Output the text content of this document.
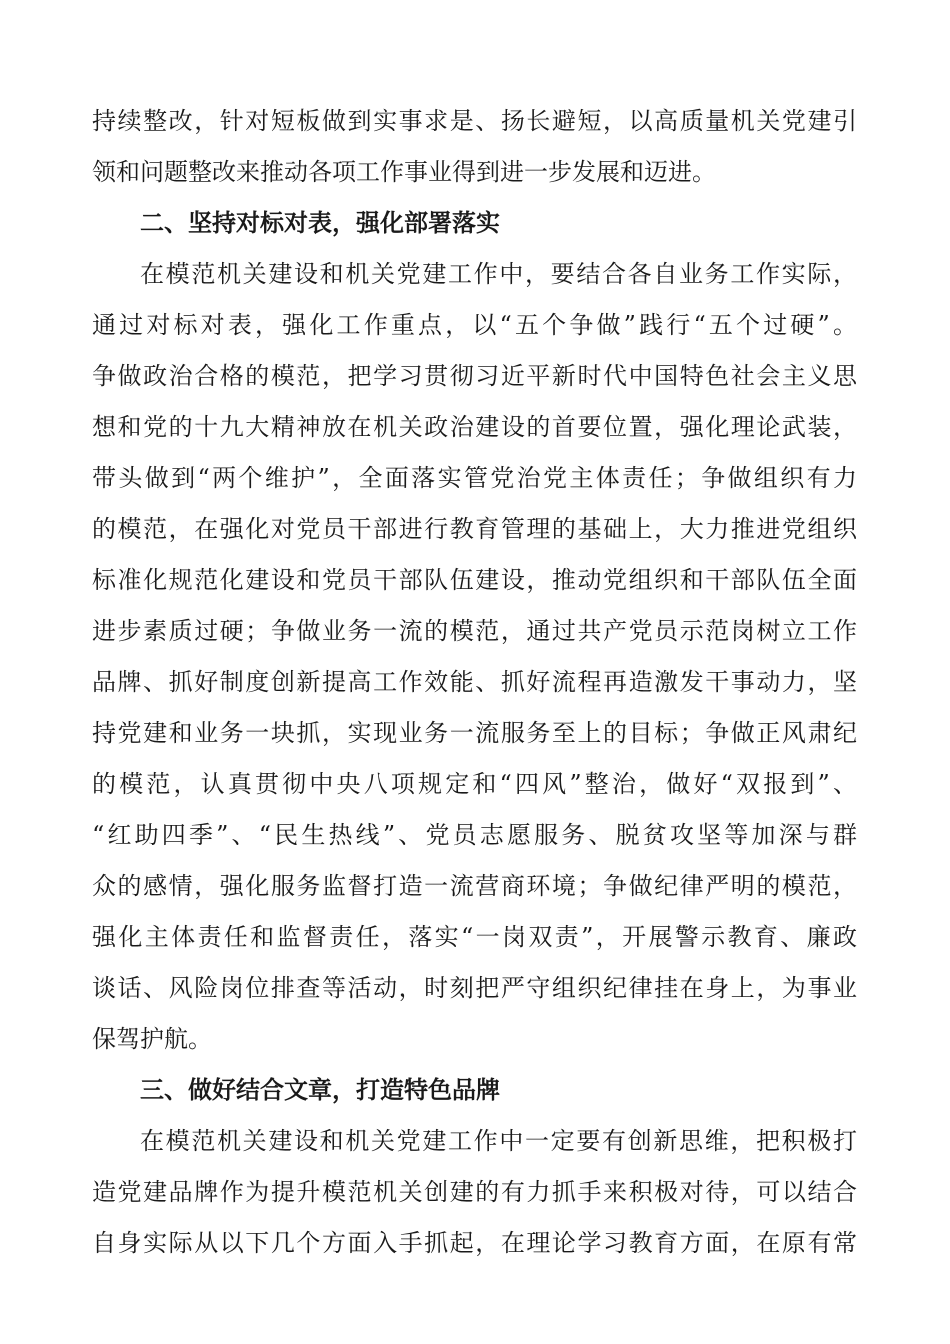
持续整改，针对短板做到实事求是、扬长避短，以高质量机关党建引
领和问题整改来推动各项工作事业得到进一步发展和迈进。
二、坚持对标对表，强化部署落实
在模范机关建设和机关党建工作中，要结合各自业务工作实际，
通过对标对表，强化工作重点，以“五个争做”践行“五个过硬”。
争做政治合格的模范，把学习贯彻习近平新时代中国特色社会主义思
想和党的十九大精神放在机关政治建设的首要位置，强化理论武装，
带头做到“两个维护”，全面落实管党治党主体责任；争做组织有力
的模范，在强化对党员干部进行教育管理的基础上，大力推进党组织
标准化规范化建设和党员干部队伍建设，推动党组织和干部队伍全面
进步素质过硬；争做业务一流的模范，通过共产党员示范岗树立工作
品牌、抓好制度创新提高工作效能、抓好流程再造激发干事动力，坚
持党建和业务一块抓，实现业务一流服务至上的目标；争做正风肃纪
的模范，认真贯彻中央八项规定和“四风”整治，做好“双报到”、
“红助四季”、“民生热线”、党员志愿服务、脱贫攻坚等加深与群
众的感情，强化服务监督打造一流营商环境；争做纪律严明的模范，
强化主体责任和监督责任，落实“一岗双责”，开展警示教育、廉政
谈话、风险岗位排查等活动，时刻把严守组织纪律挂在身上，为事业
保驾护航。
三、做好结合文章，打造特色品牌
在模范机关建设和机关党建工作中一定要有创新思维，把积极打
造党建品牌作为提升模范机关创建的有力抓手来积极对待，可以结合
自身实际从以下几个方面入手抓起，在理论学习教育方面，在原有常
